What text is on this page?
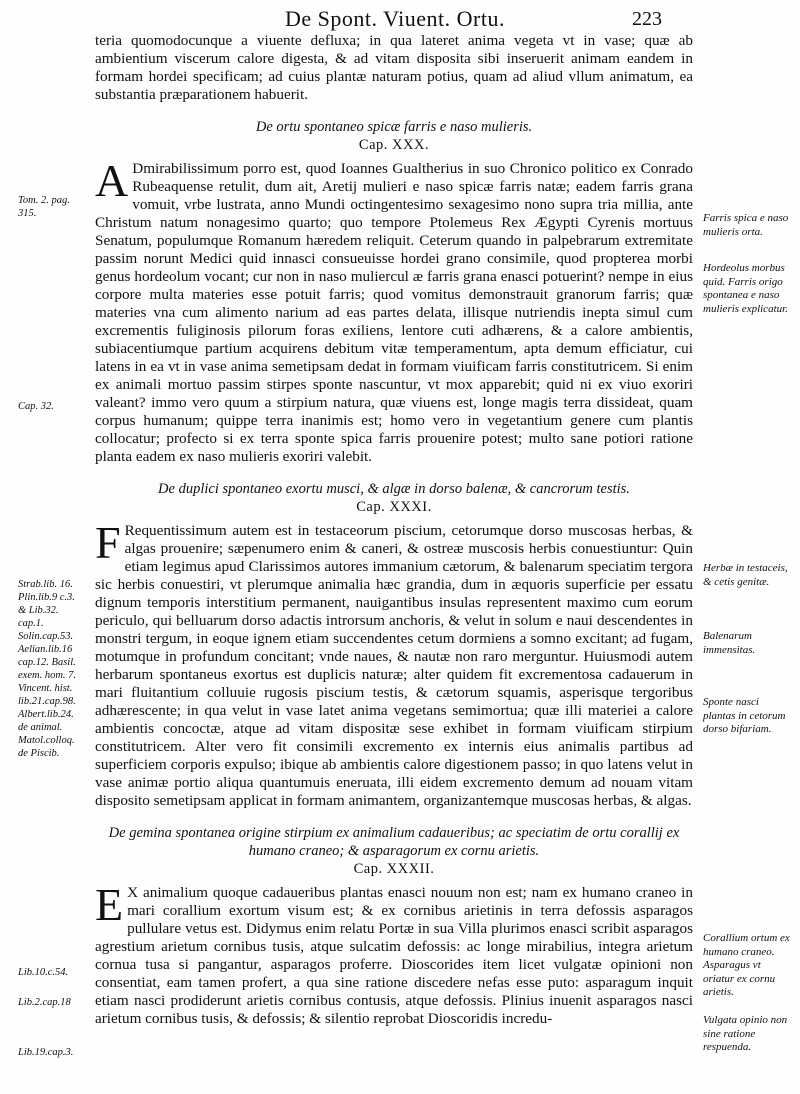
De Spont. Viuent. Ortu.	223

teria quomodocunque a viuente defluxa; in qua lateret anima vegeta vt in vase; quæ ab ambientium viscerum calore digesta, & ad vitam disposita sibi inseruerit animam eandem in formam hordei specificam; ad cuius plantæ naturam potius, quam ad aliud vllum animatum, ea substantia præparationem habuerit.

De ortu spontaneo spicæ farris e naso mulieris.
Cap. XXX.

A Dmirabilissimum porro est, quod Ioannes Gualtherius in suo Chronico politico ex Conrado Rubeaquense retulit, dum ait, Aretij mulieri e naso spicæ farris natæ; eadem farris grana vomuit, vrbe lustrata, anno Mundi octingentesimo sexagesimo nono supra tria millia, ante Christum natum nonagesimo quarto; quo tempore Ptolemeus Rex Ægypti Cyrenis mortuus Senatum, populumque Romanum hæredem reliquit. Ceterum quando in palpebrarum extremitate passim norunt Medici quid innasci consueuisse hordei grano consimile, quod propterea morbi genus hordeolum vocant; cur non in naso muliercul æ farris grana enasci potuerint? nempe in eius corpore multa materies esse potuit farris; quod vomitus demonstrauit granorum farris; quæ materies vna cum alimento narium ad eas partes delata, illisque nutriendis inepta simul cum excrementis fuliginosis pilorum foras exiliens, lentore cuti adhærens, & a calore ambientis, subiacentiumque partium acquirens debitum vitæ temperamentum, apta demum efficiatur, cui latens in ea vt in vase anima semetipsam dedat in formam viuificam farris constitutricem. Si enim ex animali mortuo passim stirpes sponte nascuntur, vt mox apparebit; quid ni ex viuo exoriri valeant? immo vero quum a stirpium natura, quæ viuens est, longe magis terra dissideat, quam corpus humanum; quippe terra inanimis est; homo vero in vegetantium genere cum plantis collocatur; profecto si ex terra sponte spica farris prouenire potest; multo sane potiori ratione planta eadem ex naso mulieris exoriri valebit.

De duplici spontaneo exortu musci, & algæ in dorso balenæ, & cancrorum testis.
Cap. XXXI.

F Requentissimum autem est in testaceorum piscium, cetorumque dorso muscosas herbas, & algas prouenire; sæpenumero enim & caneri, & ostreæ muscosis herbis conuestiuntur: Quin etiam legimus apud Clarissimos autores immanium cætorum, & balenarum speciatim tergora sic herbis conuestiri, vt plerumque animalia hæc grandia, dum in æquoris superficie per essatu dignum temporis interstitium permanent, nauigantibus insulas representent maximo cum eorum periculo, qui belluarum dorso adactis introrsum anchoris, & velut in solum e naui descendentes in monstri tergum, in eoque ignem etiam succendentes cetum dormiens a somno excitant; ad fugam, motumque in profundum concitant; vnde naues, & nautæ non raro merguntur. Huiusmodi autem herbarum spontaneus exortus est duplicis naturæ; alter quidem fit excrementosa cadauerum in mari fluitantium colluuie rugosis piscium testis, & cætorum squamis, asperisque tergoribus adhærescente; in qua velut in vase latet anima vegetans semimortua; quæ illi materiei a calore ambientis concoctæ, atque ad vitam dispositæ sese exhibet in formam viuificam stirpium constitutricem. Alter vero fit consimili excremento ex internis eius animalis partibus ad superficiem corporis expulso; ibique ab ambientis calore digestionem passo; in quo latens velut in vase animæ portio aliqua quantumuis eneruata, illi eidem excremento demum ad nouam vitam disposito semetipsam applicat in formam animantem, organizantemque muscosas herbas, & algas.

De gemina spontanea origine stirpium ex animalium cadaueribus; ac speciatim de ortu corallij ex humano craneo; & asparagorum ex cornu arietis.
Cap. XXXII.

E X animalium quoque cadaueribus plantas enasci nouum non est; nam ex humano craneo in mari corallium exortum visum est; & ex cornibus arietinis in terra defossis asparagos pullulare vetus est. Didymus enim relatu Portæ in sua Villa plurimos enasci scribit asparagos agrestium arietum cornibus tusis, atque sulcatim defossis: ac longe mirabilius, integra arietum cornua tusa si pangantur, asparagos proferre. Dioscorides item licet vulgatæ opinioni non consentiat, eam tamen profert, a qua sine ratione discedere nefas esse puto: asparagum inquit etiam nasci prodiderunt arietis cornibus contusis, atque defossis. Plinius inuenit asparagos nasci arietum cornibus tusis, & defossis; & silentio reprobat Dioscoridis incredu-

Tom. 2. pag. 315.
Cap. 32.
Strab.lib. 16. Plin.lib.9 c.3. & Lib.32. cap.1. Solin.cap.53. Aelian.lib.16 cap.12. Basil. exem. hom. 7. Vincent. hist. lib.21.cap.98. Albert.lib.24. de animal. Matol.colloq. de Piscib.
Lib.10.c.54.
Lib.2.cap.18
Lib.19.cap.3.
Farris spica e naso mulieris orta.
Hordeolus morbus quid. Farris origo spontanea e naso mulieris explicatur.
Herbæ in testaceis, & cetis genitæ.
Balenarum immensitas.
Sponte nasci plantas in cetorum dorso bifariam.
Corallium ortum ex humano craneo. Asparagus vt oriatur ex cornu arietis.
Vulgata opinio non sine ratione respuenda.
